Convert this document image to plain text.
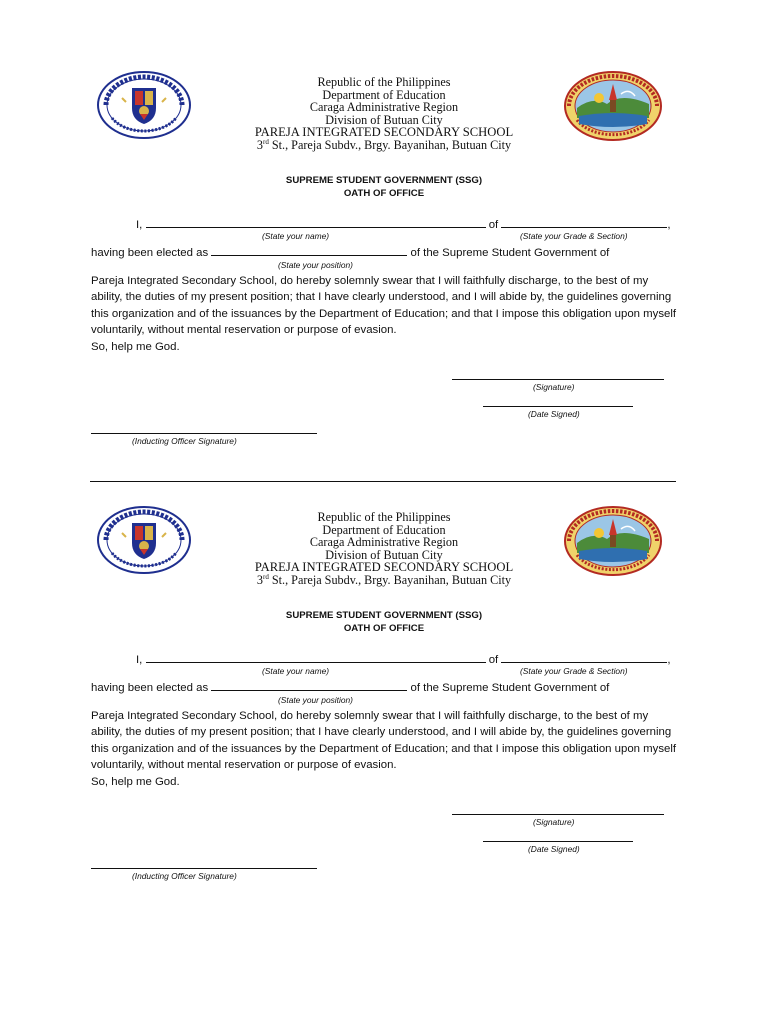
Republic of the Philippines
Department of Education
Caraga Administrative Region
Division of Butuan City
PAREJA INTEGRATED SECONDARY SCHOOL
3rd St., Pareja Subdv., Brgy. Bayanihan, Butuan City
SUPREME STUDENT GOVERNMENT (SSG)
OATH OF OFFICE
I,	of	,
(State your name)	(State your Grade & Section)
having been elected as	of the Supreme Student Government of
(State your position)

Pareja Integrated Secondary School, do hereby solemnly swear that I will faithfully discharge, to the best of my ability, the duties of my present position; that I have clearly understood, and I will abide by, the guidelines governing this organization and of the issuances by the Department of Education; and that I impose this obligation upon myself voluntarily, without mental reservation or purpose of evasion.

So, help me God.

(Signature)
(Date Signed)
(Inducting Officer Signature)
Republic of the Philippines
Department of Education
Caraga Administrative Region
Division of Butuan City
PAREJA INTEGRATED SECONDARY SCHOOL
3rd St., Pareja Subdv., Brgy. Bayanihan, Butuan City
SUPREME STUDENT GOVERNMENT (SSG)
OATH OF OFFICE
I,	of	,
(State your name)	(State your Grade & Section)
having been elected as	of the Supreme Student Government of
(State your position)

Pareja Integrated Secondary School, do hereby solemnly swear that I will faithfully discharge, to the best of my ability, the duties of my present position; that I have clearly understood, and I will abide by, the guidelines governing this organization and of the issuances by the Department of Education; and that I impose this obligation upon myself voluntarily, without mental reservation or purpose of evasion.

So, help me God.

(Signature)
(Date Signed)
(Inducting Officer Signature)
